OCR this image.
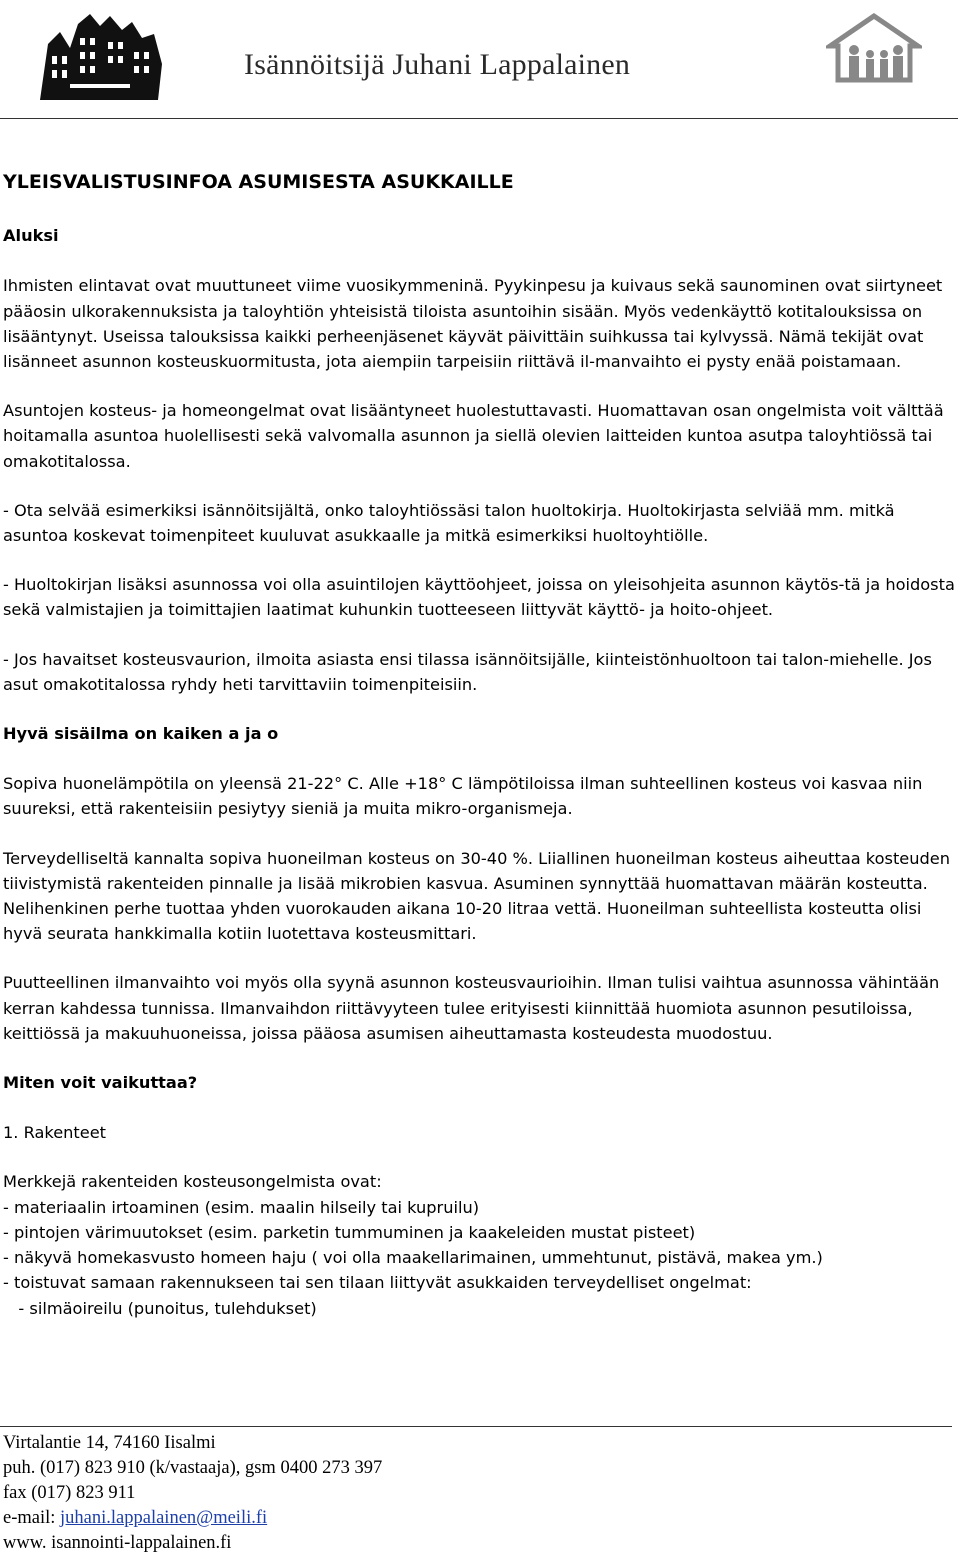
Isännöitsijä Juhani Lappalainen

YLEISVALISTUSINFOA ASUMISESTA ASUKKAILLE

Aluksi

Ihmisten elintavat ovat muuttuneet viime vuosikymmeninä. Pyykinpesu ja kuivaus sekä saunominen ovat siirtyneet pääosin ulkorakennuksista ja taloyhtiön yhteisistä tiloista asuntoihin sisään. Myös vedenkäyttö kotitalouksissa on lisääntynyt. Useissa talouksissa kaikki perheenjäsenet käyvät päivittäin suihkussa tai kylvyssä. Nämä tekijät ovat lisänneet asunnon kosteuskuormitusta, jota aiempiin tarpeisiin riittävä il-manvaihto ei pysty enää poistamaan.

Asuntojen kosteus- ja homeongelmat ovat lisääntyneet huolestuttavasti. Huomattavan osan ongelmista voit välttää hoitamalla asuntoa huolellisesti sekä valvomalla asunnon ja siellä olevien laitteiden kuntoa asutpa taloyhtiössä tai omakotitalossa.

- Ota selvää esimerkiksi isännöitsijältä, onko taloyhtiössäsi talon huoltokirja. Huoltokirjasta selviää mm. mitkä asuntoa koskevat toimenpiteet kuuluvat asukkaalle ja mitkä esimerkiksi huoltoyhtiölle.

- Huoltokirjan lisäksi asunnossa voi olla asuintilojen käyttöohjeet, joissa on yleisohjeita asunnon käytös-tä ja hoidosta sekä valmistajien ja toimittajien laatimat kuhunkin tuotteeseen liittyvät käyttö- ja hoito-ohjeet.

- Jos havaitset kosteusvaurion, ilmoita asiasta ensi tilassa isännöitsijälle, kiinteistönhuoltoon tai talon-miehelle. Jos asut omakotitalossa ryhdy heti tarvittaviin toimenpiteisiin.

Hyvä sisäilma on kaiken a ja o

Sopiva huonelämpötila on yleensä 21-22° C. Alle +18° C lämpötiloissa ilman suhteellinen kosteus voi kasvaa niin suureksi, että rakenteisiin pesiytyy sieniä ja muita mikro-organismeja.

Terveydelliseltä kannalta sopiva huoneilman kosteus on 30-40 %. Liiallinen huoneilman kosteus aiheuttaa kosteuden tiivistymistä rakenteiden pinnalle ja lisää mikrobien kasvua. Asuminen synnyttää huomattavan määrän kosteutta. Nelihenkinen perhe tuottaa yhden vuorokauden aikana 10-20 litraa vettä. Huoneilman suhteellista kosteutta olisi hyvä seurata hankkimalla kotiin luotettava kosteusmittari.

Puutteellinen ilmanvaihto voi myös olla syynä asunnon kosteusvaurioihin. Ilman tulisi vaihtua asunnossa vähintään kerran kahdessa tunnissa. Ilmanvaihdon riittävyyteen tulee erityisesti kiinnittää huomiota asunnon pesutiloissa, keittiössä ja makuuhuoneissa, joissa pääosa asumisen aiheuttamasta kosteudesta muodostuu.

Miten voit vaikuttaa?

1. Rakenteet

Merkkejä rakenteiden kosteusongelmista ovat:

- materiaalin irtoaminen (esim. maalin hilseily tai kupruilu)

- pintojen värimuutokset (esim. parketin tummuminen ja kaakeleiden mustat pisteet)

- näkyvä homekasvusto homeen haju ( voi olla maakellarimainen, ummehtunut, pistävä, makea ym.)

- toistuvat samaan rakennukseen tai sen tilaan liittyvät asukkaiden terveydelliset ongelmat:

- silmäoireilu (punoitus, tulehdukset)

Virtalantie 14, 74160 Iisalmi
puh. (017) 823 910 (k/vastaaja), gsm 0400 273 397
fax (017) 823 911
e-mail: juhani.lappalainen@meili.fi
www. isannointi-lappalainen.fi
